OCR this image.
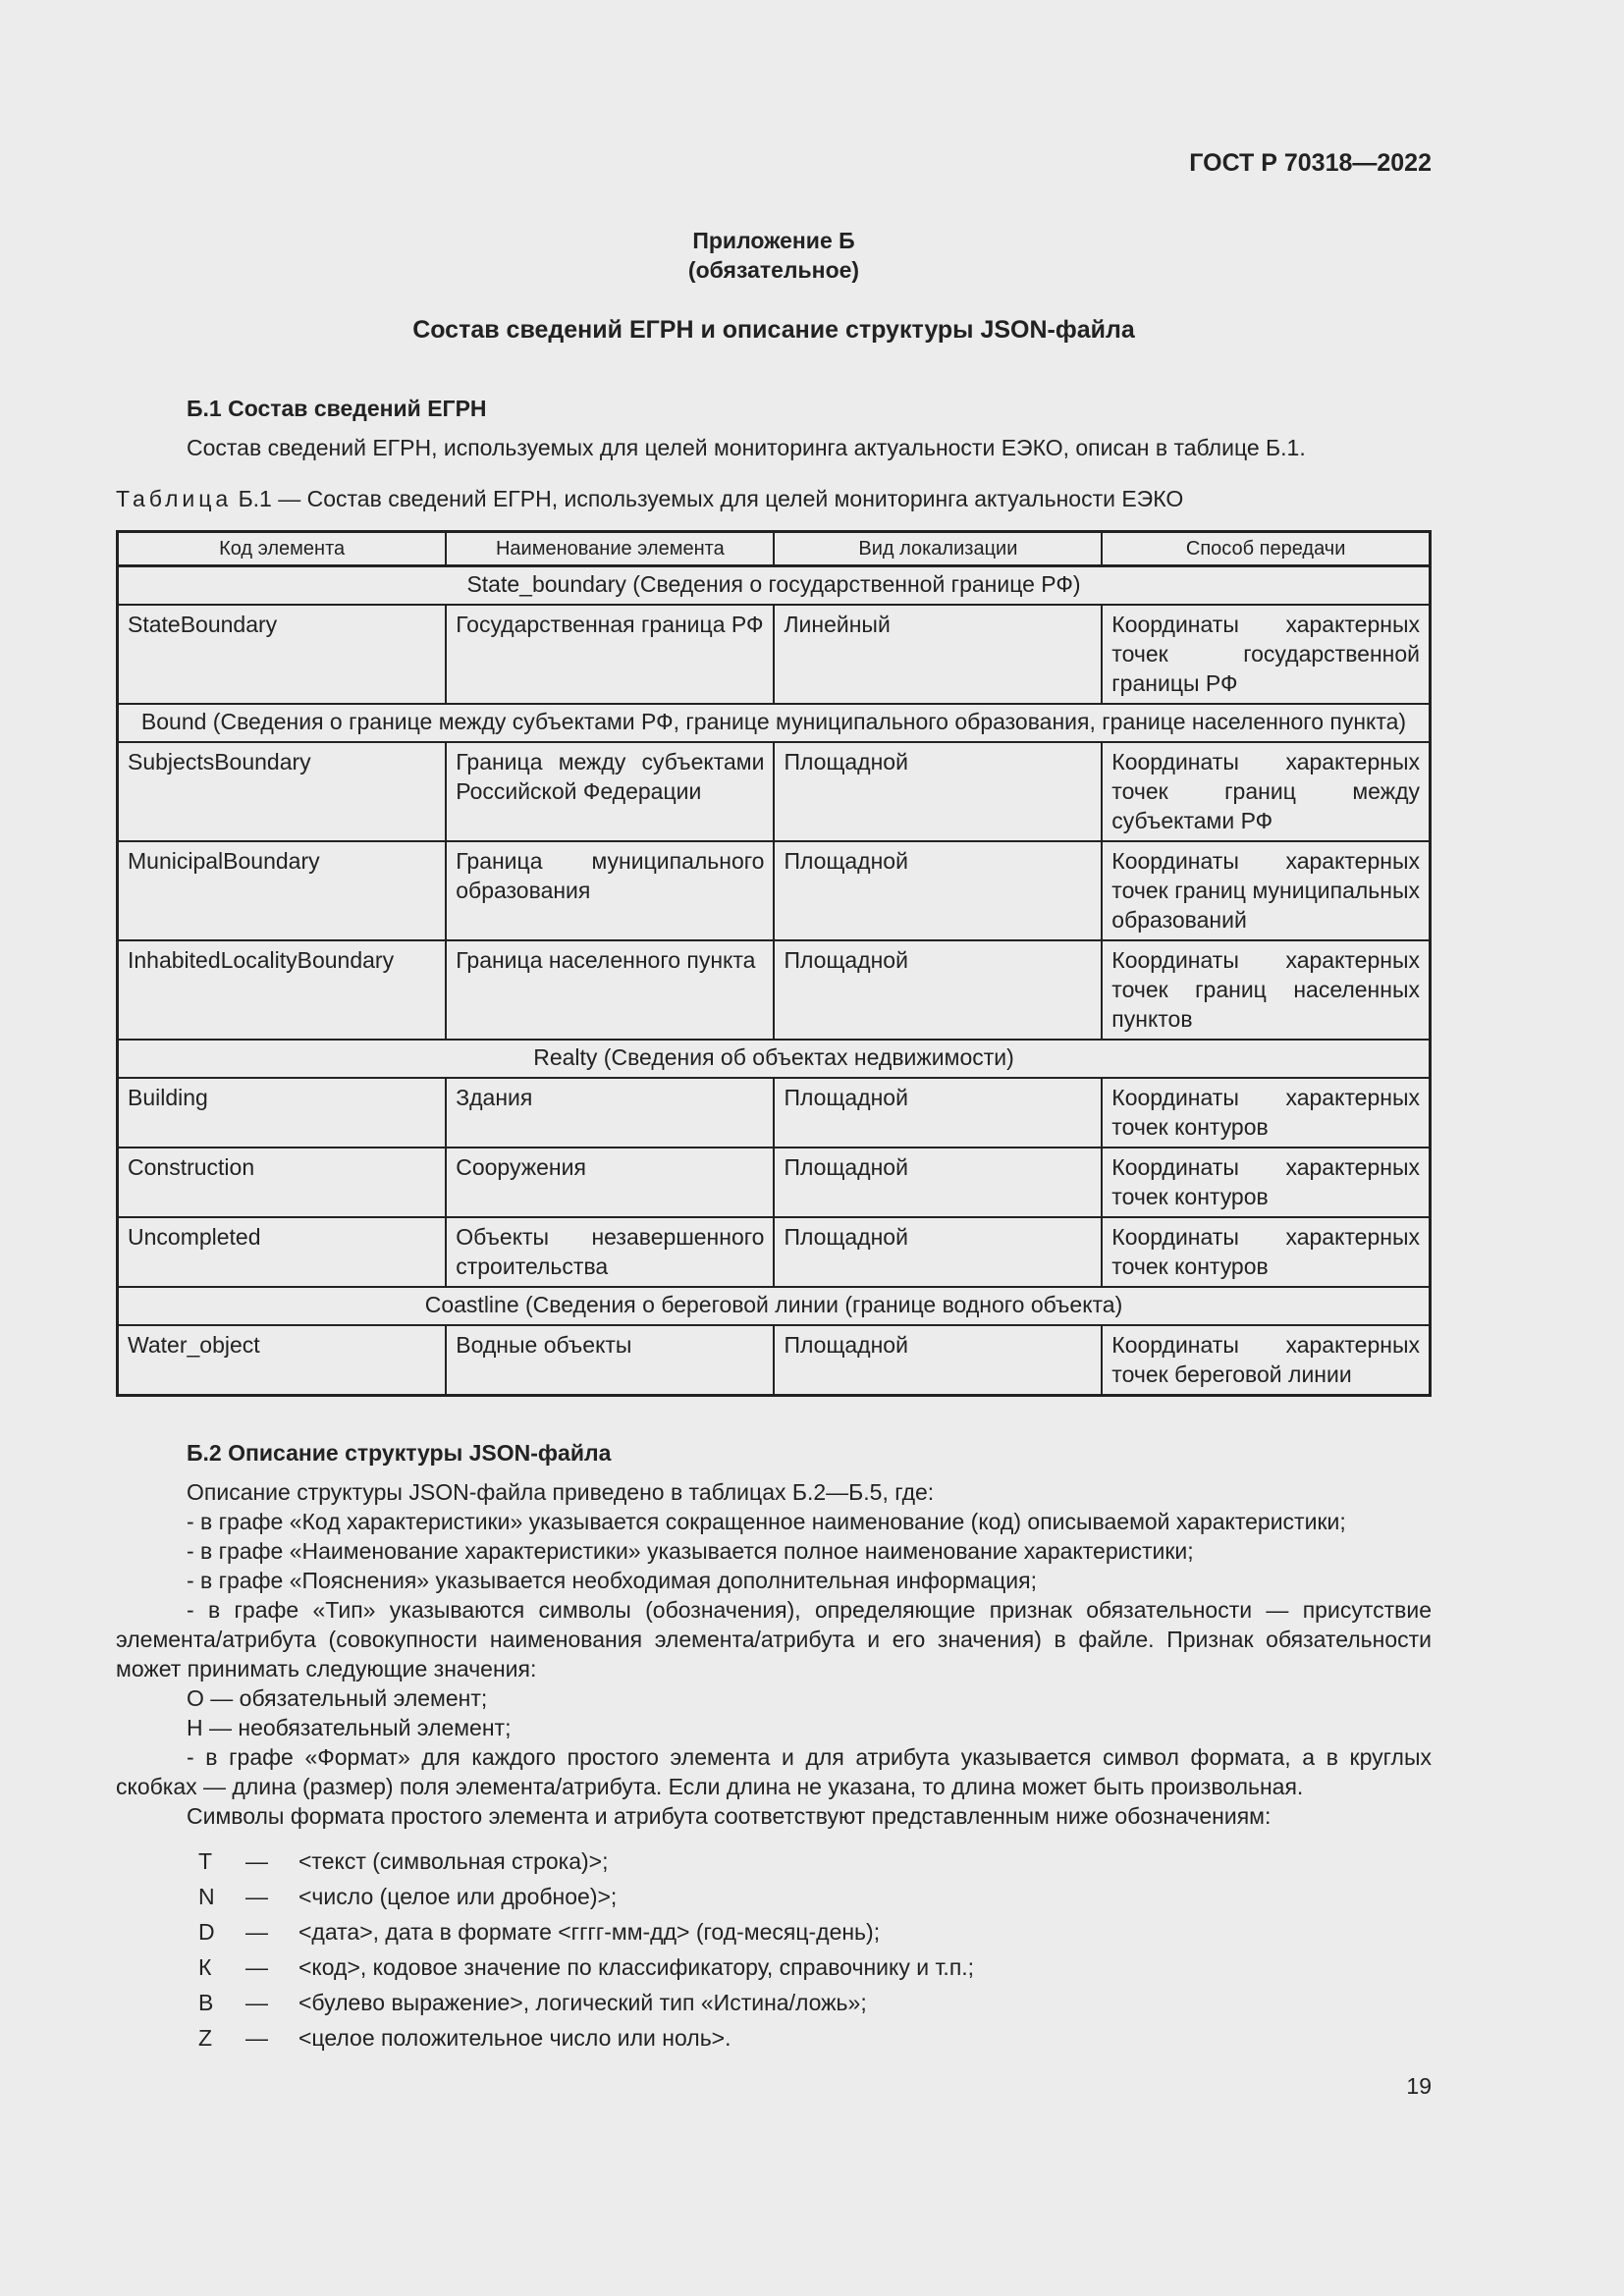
ГОСТ Р 70318—2022
Приложение Б
(обязательное)
Состав сведений ЕГРН и описание структуры JSON-файла
Б.1 Состав сведений ЕГРН
Состав сведений ЕГРН, используемых для целей мониторинга актуальности ЕЭКО, описан в таблице Б.1.
Таблица Б.1 — Состав сведений ЕГРН, используемых для целей мониторинга актуальности ЕЭКО
Код элемента	Наименование элемента	Вид локализации	Способ передачи
State_boundary (Сведения о государственной границе РФ)			
StateBoundary	Государственная граница РФ	Линейный	Координаты характерных точек государственной границы РФ
Bound (Сведения о границе между субъектами РФ, границе муниципального образования, границе населенного пункта)			
SubjectsBoundary	Граница между субъектами Российской Федерации	Площадной	Координаты характерных точек границ между субъектами РФ
MunicipalBoundary	Граница муниципального образования	Площадной	Координаты характерных точек границ муниципальных образований
InhabitedLocalityBoundary	Граница населенного пункта	Площадной	Координаты характерных точек границ населенных пунктов
Realty (Сведения об объектах недвижимости)			
Building	Здания	Площадной	Координаты характерных точек контуров
Construction	Сооружения	Площадной	Координаты характерных точек контуров
Uncompleted	Объекты незавершенного строительства	Площадной	Координаты характерных точек контуров
Coastline (Сведения о береговой линии (границе водного объекта)			
Water_object	Водные объекты	Площадной	Координаты характерных точек береговой линии
Б.2 Описание структуры JSON-файла

Описание структуры JSON-файла приведено в таблицах Б.2—Б.5, где:

- в графе «Код характеристики» указывается сокращенное наименование (код) описываемой характеристики;

- в графе «Наименование характеристики» указывается полное наименование характеристики;

- в графе «Пояснения» указывается необходимая дополнительная информация;

- в графе «Тип» указываются символы (обозначения), определяющие признак обязательности — присутствие элемента/атрибута (совокупности наименования элемента/атрибута и его значения) в файле. Признак обязательности может принимать следующие значения:

О — обязательный элемент;

Н — необязательный элемент;

- в графе «Формат» для каждого простого элемента и для атрибута указывается символ формата, а в круглых скобках — длина (размер) поля элемента/атрибута. Если длина не указана, то длина может быть произвольная.

Символы формата простого элемента и атрибута соответствуют представленным ниже обозначениям:

T	—	<текст (символьная строка)>;
N	—	<число (целое или дробное)>;
D	—	<дата>, дата в формате <гггг-мм-дд> (год-месяц-день);
К	—	<код>, кодовое значение по классификатору, справочнику и т.п.;
B	—	<булево выражение>, логический тип «Истина/ложь»;
Z	—	<целое положительное число или ноль>.
19
